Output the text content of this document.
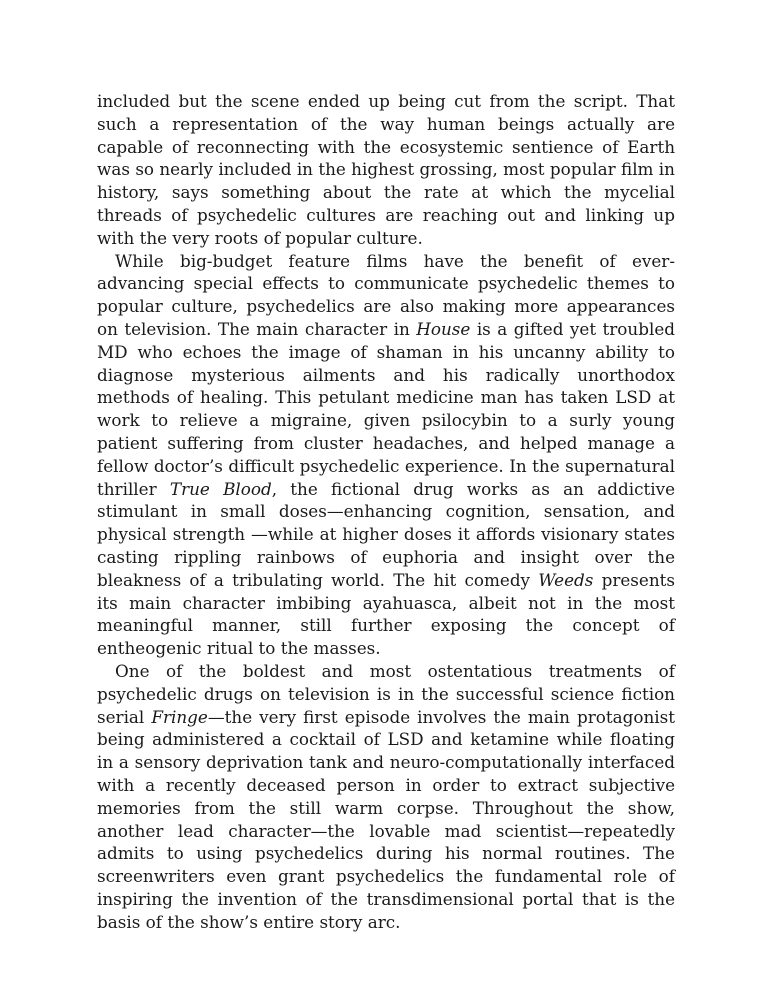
included but the scene ended up being cut from the script. That such a representation of the way human beings actually are capable of reconnecting with the ecosystemic sentience of Earth was so nearly included in the highest grossing, most popular film in history, says something about the rate at which the mycelial threads of psychedelic cultures are reaching out and linking up with the very roots of popular culture.

While big-budget feature films have the benefit of ever-advancing special effects to communicate psychedelic themes to popular culture, psychedelics are also making more appearances on television. The main character in House is a gifted yet troubled MD who echoes the image of shaman in his uncanny ability to diagnose mysterious ailments and his radically unorthodox methods of healing. This petulant medicine man has taken LSD at work to relieve a migraine, given psilocybin to a surly young patient suffering from cluster headaches, and helped manage a fellow doctor’s difficult psychedelic experience. In the supernatural thriller True Blood, the fictional drug works as an addictive stimulant in small doses—enhancing cognition, sensation, and physical strength —while at higher doses it affords visionary states casting rippling rainbows of euphoria and insight over the bleakness of a tribulating world. The hit comedy Weeds presents its main character imbibing ayahuasca, albeit not in the most meaningful manner, still further exposing the concept of entheogenic ritual to the masses.

One of the boldest and most ostentatious treatments of psychedelic drugs on television is in the successful science fiction serial Fringe—the very first episode involves the main protagonist being administered a cocktail of LSD and ketamine while floating in a sensory deprivation tank and neuro-computationally interfaced with a recently deceased person in order to extract subjective memories from the still warm corpse. Throughout the show, another lead character—the lovable mad scientist—repeatedly admits to using psychedelics during his normal routines. The screenwriters even grant psychedelics the fundamental role of inspiring the invention of the transdimensional portal that is the basis of the show’s entire story arc.
